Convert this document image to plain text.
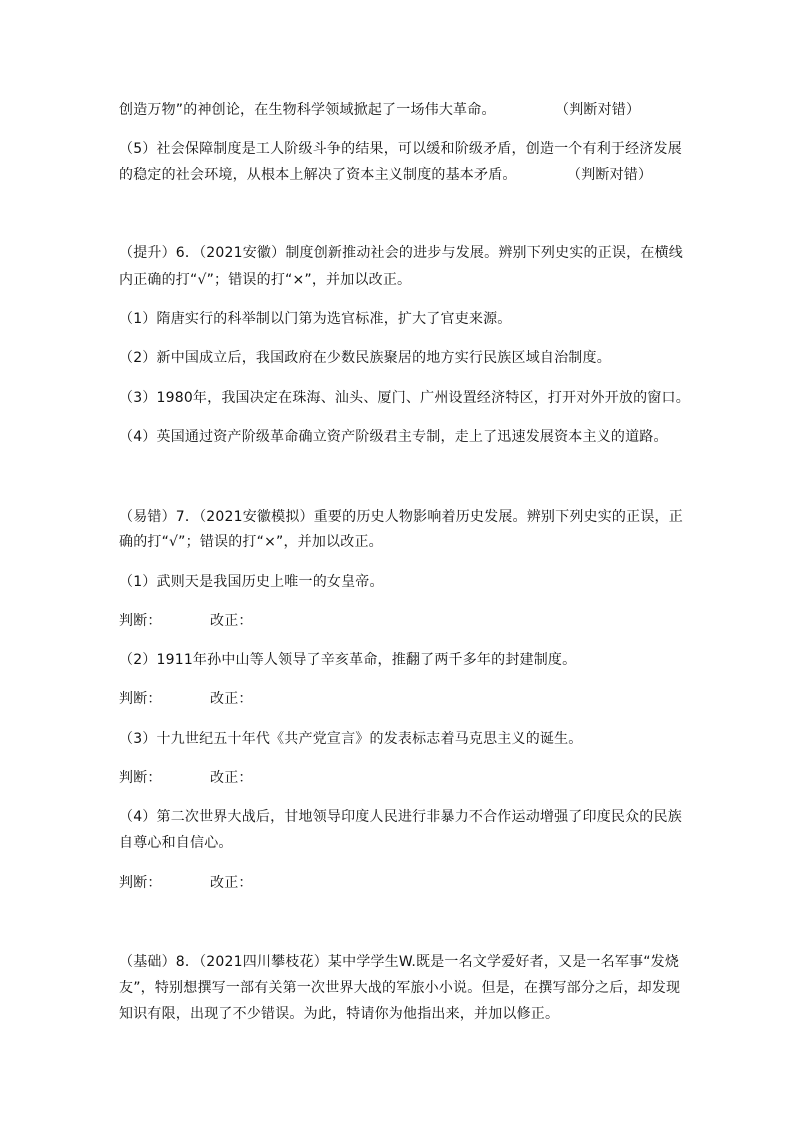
创造万物”的神创论，在生物科学领域掀起了一场伟大革命。	（判断对错）
（5）社会保障制度是工人阶级斗争的结果，可以缓和阶级矛盾，创造一个有利于经济发展
的稳定的社会环境，从根本上解决了资本主义制度的基本矛盾。	（判断对错）
（提升）6．（2021安徽）制度创新推动社会的进步与发展。辨别下列史实的正误，在横线
内正确的打“√”；错误的打“×”，并加以改正。
（1）隋唐实行的科举制以门第为选官标准，扩大了官吏来源。
（2）新中国成立后，我国政府在少数民族聚居的地方实行民族区域自治制度。
（3）1980年，我国决定在珠海、汕头、厦门、广州设置经济特区，打开对外开放的窗口。
（4）英国通过资产阶级革命确立资产阶级君主专制，走上了迅速发展资本主义的道路。
（易错）7．（2021安徽模拟）重要的历史人物影响着历史发展。辨别下列史实的正误，正
确的打“√”；错误的打“×”，并加以改正。
（1）武则天是我国历史上唯一的女皇帝。
判断：	改正：
（2）1911年孙中山等人领导了辛亥革命，推翻了两千多年的封建制度。
判断：	改正：
（3）十九世纪五十年代《共产党宣言》的发表标志着马克思主义的诞生。
判断：	改正：
（4）第二次世界大战后，甘地领导印度人民进行非暴力不合作运动增强了印度民众的民族
自尊心和自信心。
判断：	改正：
（基础）8．（2021四川攀枝花）某中学学生W.既是一名文学爱好者，又是一名军事“发烧
友”，特别想撰写一部有关第一次世界大战的军旅小小说。但是，在撰写部分之后，却发现
知识有限，出现了不少错误。为此，特请你为他指出来，并加以修正。
